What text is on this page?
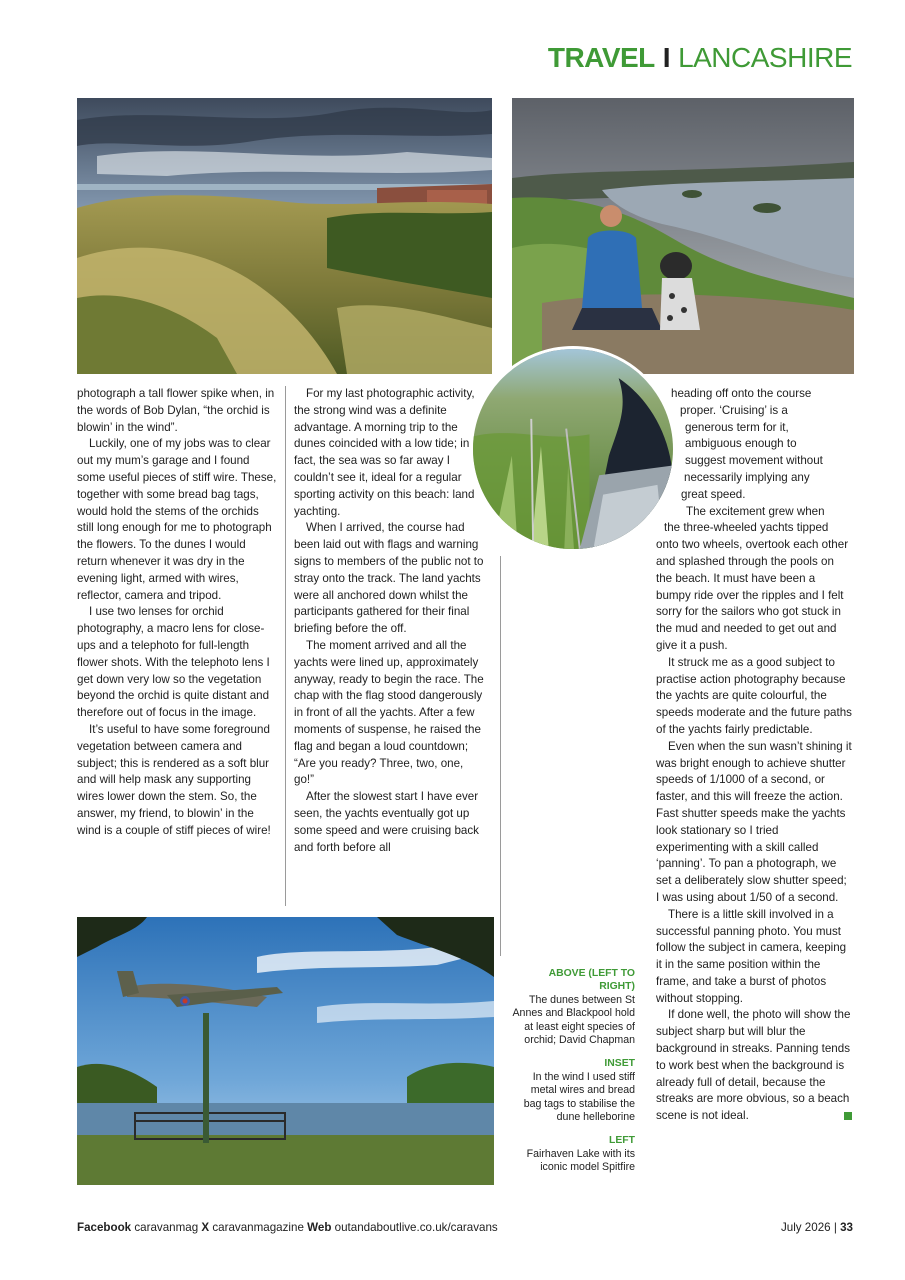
TRAVEL I LANCASHIRE

photograph a tall flower spike when, in the words of Bob Dylan, “the orchid is blowin’ in the wind”.

Luckily, one of my jobs was to clear out my mum’s garage and I found some useful pieces of stiff wire. These, together with some bread bag tags, would hold the stems of the orchids still long enough for me to photograph the flowers. To the dunes I would return whenever it was dry in the evening light, armed with wires, reflector, camera and tripod.

I use two lenses for orchid photography, a macro lens for close-ups and a telephoto for full-length flower shots. With the telephoto lens I get down very low so the vegetation beyond the orchid is quite distant and therefore out of focus in the image.

It’s useful to have some foreground vegetation between camera and subject; this is rendered as a soft blur and will help mask any supporting wires lower down the stem. So, the answer, my friend, to blowin’ in the wind is a couple of stiff pieces of wire!

For my last photographic activity, the strong wind was a definite advantage. A morning trip to the dunes coincided with a low tide; in fact, the sea was so far away I couldn’t see it, ideal for a regular sporting activity on this beach: land yachting.

When I arrived, the course had been laid out with flags and warning signs to members of the public not to stray onto the track. The land yachts were all anchored down whilst the participants gathered for their final briefing before the off.

The moment arrived and all the yachts were lined up, approximately anyway, ready to begin the race. The chap with the flag stood dangerously in front of all the yachts. After a few moments of suspense, he raised the flag and began a loud countdown; “Are you ready? Three, two, one, go!”

After the slowest start I have ever seen, the yachts eventually got up some speed and were cruising back and forth before all

heading off onto the course
proper. ‘Cruising’ is a
generous term for it,
ambiguous enough to
suggest movement without
necessarily implying any
great speed.
The excitement grew when
the three-wheeled yachts tipped

onto two wheels, overtook each other and splashed through the pools on the beach. It must have been a bumpy ride over the ripples and I felt sorry for the sailors who got stuck in the mud and needed to get out and give it a push.

It struck me as a good subject to practise action photography because the yachts are quite colourful, the speeds moderate and the future paths of the yachts fairly predictable.

Even when the sun wasn’t shining it was bright enough to achieve shutter speeds of 1/1000 of a second, or faster, and this will freeze the action. Fast shutter speeds make the yachts look stationary so I tried experimenting with a skill called ‘panning’. To pan a photograph, we set a deliberately slow shutter speed; I was using about 1/50 of a second.

There is a little skill involved in a successful panning photo. You must follow the subject in camera, keeping it in the same position within the frame, and take a burst of photos without stopping.

If done well, the photo will show the subject sharp but will blur the background in streaks. Panning tends to work best when the background is already full of detail, because the streaks are more obvious, so a beach scene is not ideal.

ABOVE (LEFT TO RIGHT)
The dunes between St Annes and Blackpool hold at least eight species of orchid; David Chapman
INSET
In the wind I used stiff metal wires and bread bag tags to stabilise the dune helleborine
LEFT
Fairhaven Lake with its iconic model Spitfire
Facebook caravanmag X caravanmagazine Web outandaboutlive.co.uk/caravans	July 2026 | 33
